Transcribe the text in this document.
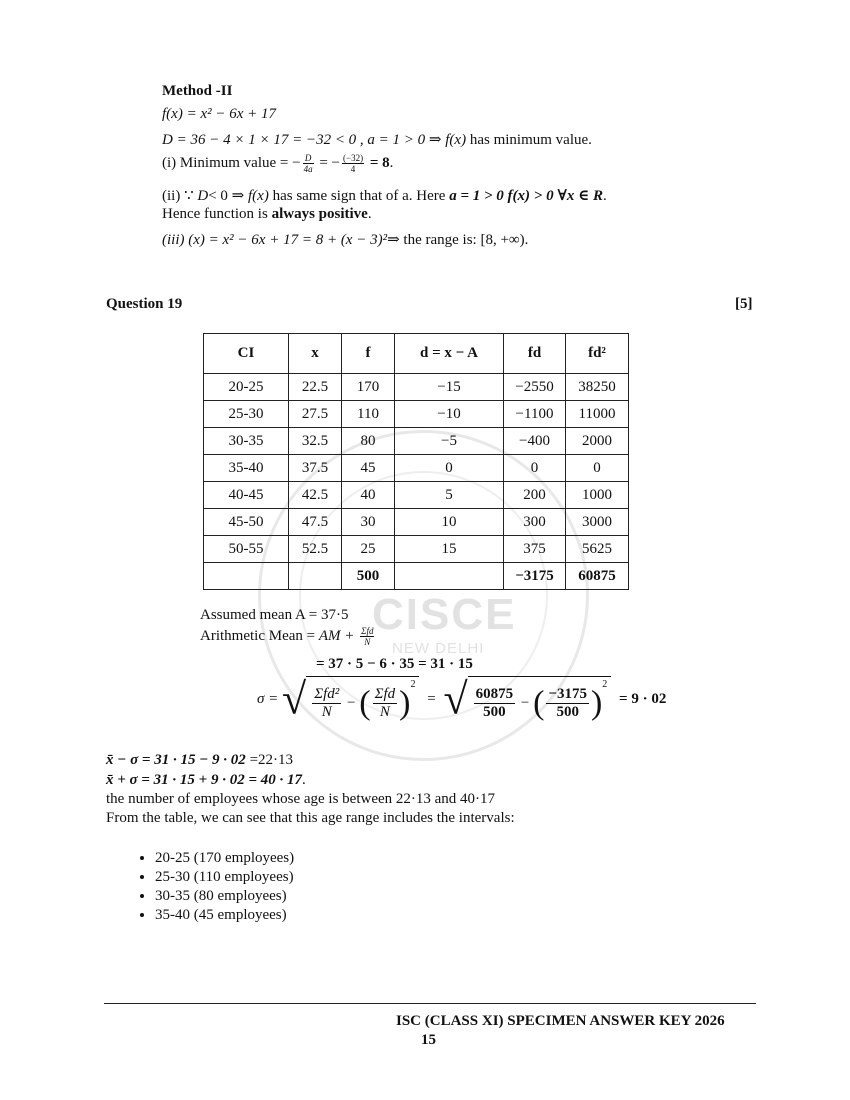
CISCE
NEW DELHI
Method -II
f(x) = x² − 6x + 17
D = 36 − 4 × 1 × 17 = −32 < 0 , a = 1 > 0 ⇒ f(x) has minimum value.
(i) Minimum value = − $\frac{D}{4a}$ = − $\frac{(-32)}{4} = 8$.
(ii) ∵ D< 0 ⇒ f(x) has same sign that of a. Here a = 1 > 0 f(x) > 0 ∀x ∈ R.
Hence function is always positive.
(iii) (x) = x² − 6x + 17 = 8 + (x − 3)²⇒ the range is: [8, +∞).
Question 19	[5]
CI	x	f	d = x − A	fd	fd²
20-25	22.5	170	−15	−2550	38250
25-30	27.5	110	−10	−1100	11000
30-35	32.5	80	−5	−400	2000
35-40	37.5	45	0	0	0
40-45	42.5	40	5	200	1000
45-50	47.5	30	10	300	3000
50-55	52.5	25	15	375	5625
		500		−3175	60875
Assumed mean A = 37·5
Arithmetic Mean = AM + $\frac{\text{Σfd}}{N}$
= 37 · 5 − 6 · 35 = 31 · 15
σ = √ $\frac{\text{Σfd²}}{N}$ − ( $\frac{\text{Σfd}}{N} )^2$ = √ $\frac{60875}{500}$ − ( $\frac{-3175}{500} )^2 = 9 \cdot 02$
x̄ − σ = 31 · 15 − 9 · 02 =22·13
x̄ + σ = 31 · 15 + 9 · 02 = 40 · 17.
the number of employees whose age is between 22·13 and 40·17
From the table, we can see that this age range includes the intervals:
• 20-25 (170 employees)
• 25-30 (110 employees)
• 30-35 (80 employees)
• 35-40 (45 employees)
ISC (CLASS XI) SPECIMEN ANSWER KEY 2026
15
